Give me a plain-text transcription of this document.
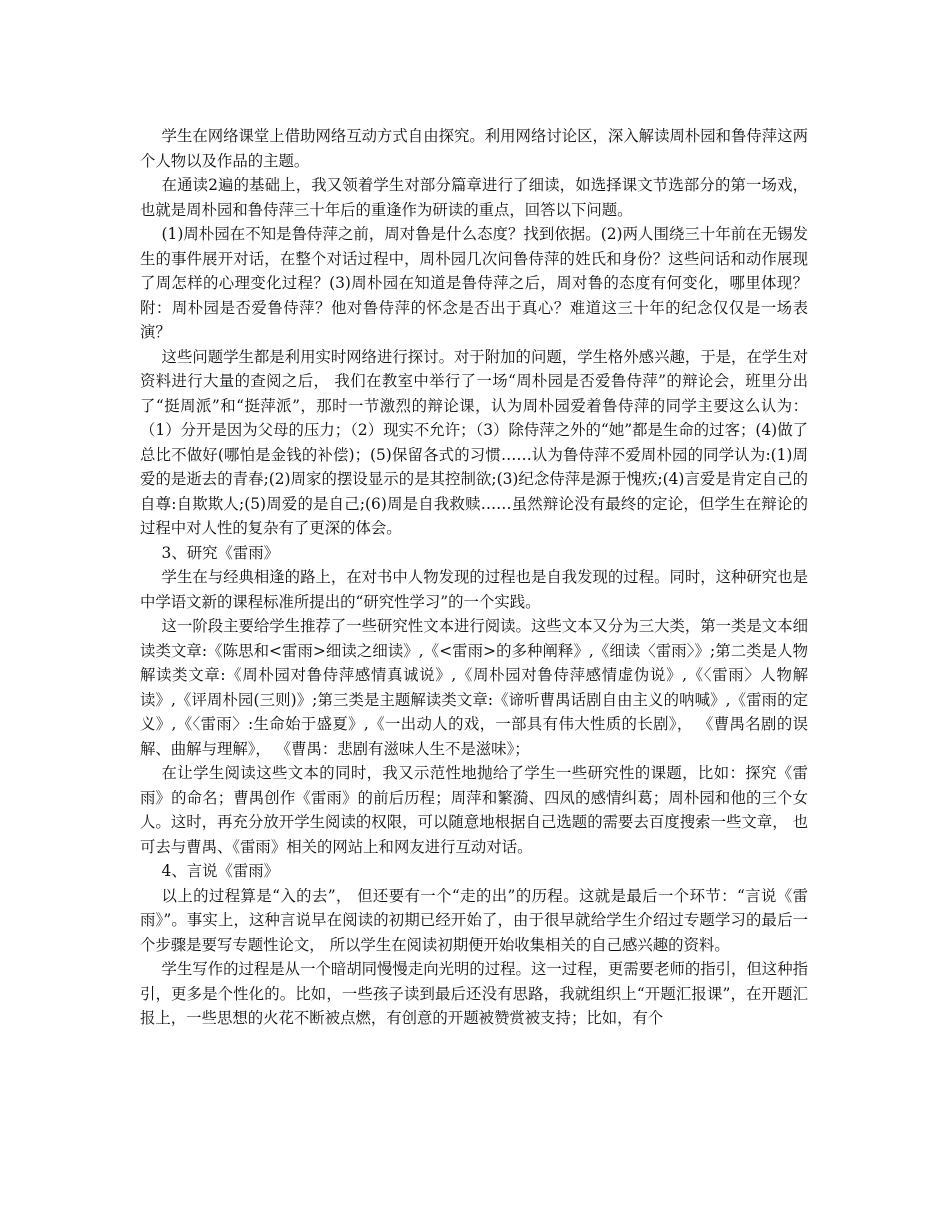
学生在网络课堂上借助网络互动方式自由探究。利用网络讨论区，深入解读周朴园和鲁侍萍这两个人物以及作品的主题。

在通读2遍的基础上，我又领着学生对部分篇章进行了细读，如选择课文节选部分的第一场戏， 也就是周朴园和鲁侍萍三十年后的重逢作为研读的重点，回答以下问题。

(1)周朴园在不知是鲁侍萍之前，周对鲁是什么态度？找到依据。(2)两人围绕三十年前在无锡发生的事件展开对话，在整个对话过程中，周朴园几次问鲁侍萍的姓氏和身份？这些问话和动作展现了周怎样的心理变化过程？(3)周朴园在知道是鲁侍萍之后，周对鲁的态度有何变化，哪里体现？附：周朴园是否爱鲁侍萍？他对鲁侍萍的怀念是否出于真心？难道这三十年的纪念仅仅是一场表演？

这些问题学生都是利用实时网络进行探讨。对于附加的问题，学生格外感兴趣，于是，在学生对资料进行大量的查阅之后， 我们在教室中举行了一场“周朴园是否爱鲁侍萍”的辩论会，班里分出了“挺周派”和“挺萍派”，那时一节激烈的辩论课，认为周朴园爱着鲁侍萍的同学主要这么认为：（1）分开是因为父母的压力；（2）现实不允许；（3）除侍萍之外的“她”都是生命的过客；(4)做了总比不做好(哪怕是金钱的补偿)；(5)保留各式的习惯……认为鲁侍萍不爱周朴园的同学认为:(1)周爱的是逝去的青春;(2)周家的摆设显示的是其控制欲;(3)纪念侍萍是源于愧疚;(4)言爱是肯定自己的自尊:自欺欺人;(5)周爱的是自己;(6)周是自我救赎……虽然辩论没有最终的定论，但学生在辩论的过程中对人性的复杂有了更深的体会。

3、研究《雷雨》

学生在与经典相逢的路上，在对书中人物发现的过程也是自我发现的过程。同时，这种研究也是中学语文新的课程标准所提出的“研究性学习”的一个实践。

这一阶段主要给学生推荐了一些研究性文本进行阅读。这些文本又分为三大类，第一类是文本细读类文章:《陈思和<雷雨>细读之细读》,《<雷雨>的多种阐释》,《细读〈雷雨〉》;第二类是人物解读类文章:《周朴园对鲁侍萍感情真诚说》,《周朴园对鲁侍萍感情虚伪说》,《〈雷雨〉人物解读》,《评周朴园(三则)》;第三类是主题解读类文章:《谛听曹禺话剧自由主义的呐喊》,《雷雨的定义》,《〈雷雨〉:生命始于盛夏》,《一出动人的戏，一部具有伟大性质的长剧》， 《曹禺名剧的误解、曲解与理解》， 《曹禺：悲剧有滋味人生不是滋味》；

在让学生阅读这些文本的同时，我又示范性地抛给了学生一些研究性的课题，比如：探究《雷雨》的命名；曹禺创作《雷雨》的前后历程；周萍和繁漪、四凤的感情纠葛；周朴园和他的三个女人。这时，再充分放开学生阅读的权限，可以随意地根据自己选题的需要去百度搜索一些文章， 也可去与曹禺、《雷雨》相关的网站上和网友进行互动对话。

4、言说《雷雨》

以上的过程算是“入的去”， 但还要有一个“走的出”的历程。这就是最后一个环节：“言说《雷雨》”。事实上，这种言说早在阅读的初期已经开始了，由于很早就给学生介绍过专题学习的最后一个步骤是要写专题性论文， 所以学生在阅读初期便开始收集相关的自己感兴趣的资料。

学生写作的过程是从一个暗胡同慢慢走向光明的过程。这一过程，更需要老师的指引，但这种指引，更多是个性化的。比如，一些孩子读到最后还没有思路，我就组织上“开题汇报课”，在开题汇报上，一些思想的火花不断被点燃，有创意的开题被赞赏被支持；比如，有个
